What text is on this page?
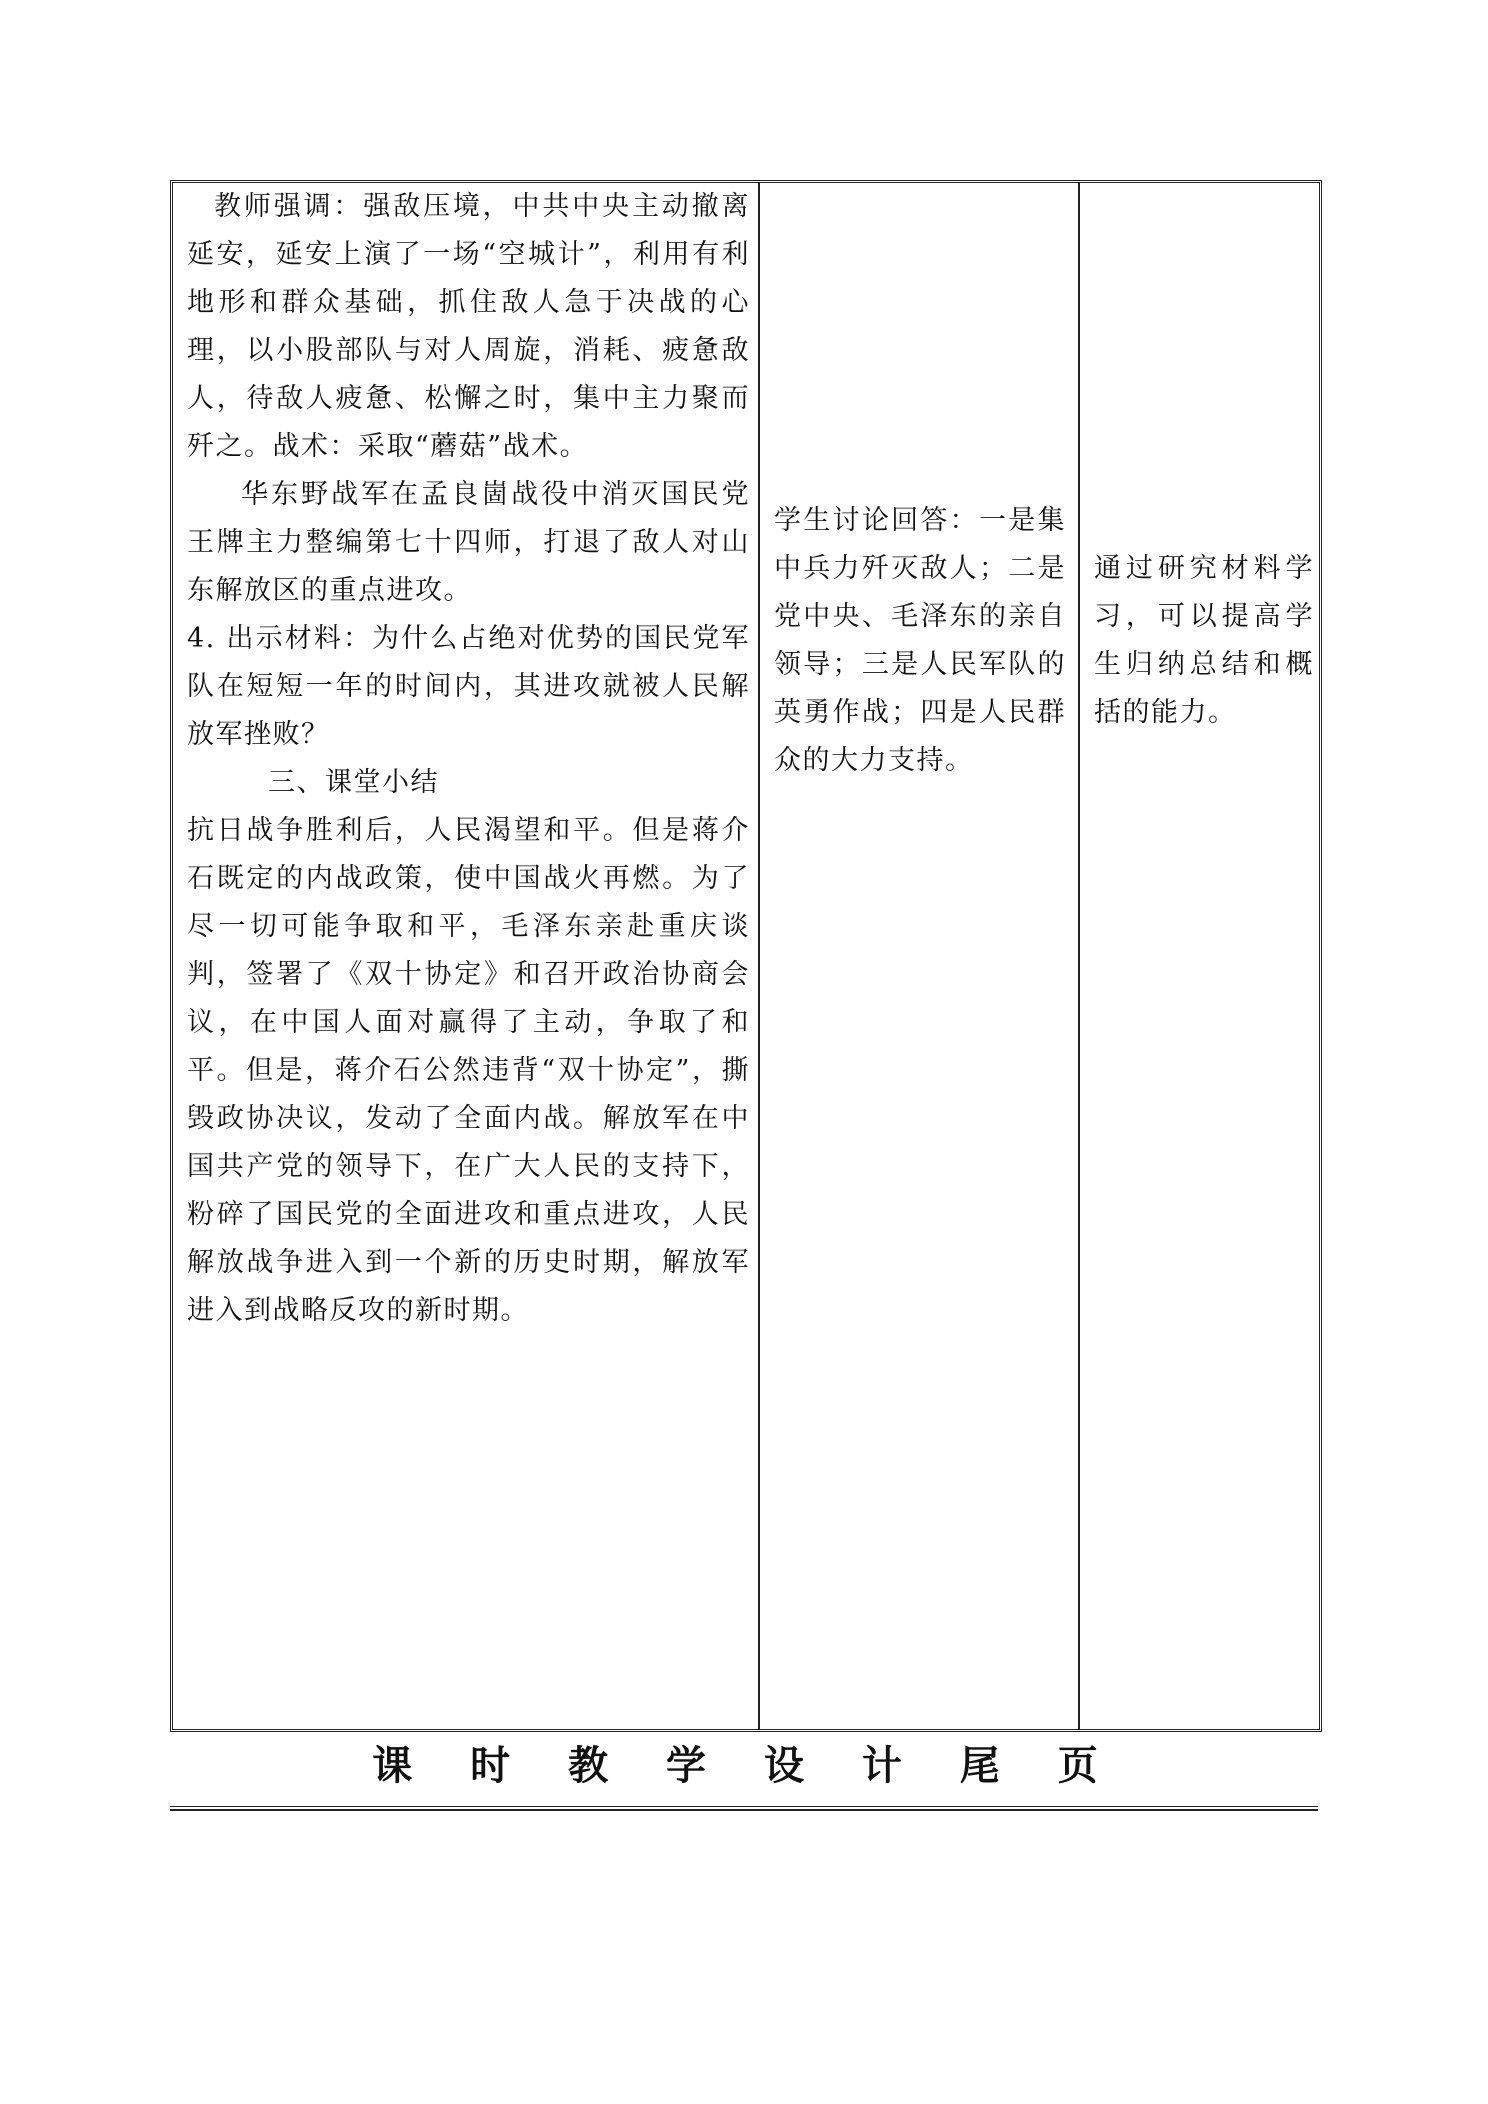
教师强调：强敌压境，中共中央主动撤离延安，延安上演了一场“空城计”，利用有利地形和群众基础，抓住敌人急于决战的心理，以小股部队与对人周旋，消耗、疲惫敌人，待敌人疲惫、松懈之时，集中主力聚而歼之。战术：采取“蘑菇”战术。

华东野战军在孟良崮战役中消灭国民党王牌主力整编第七十四师，打退了敌人对山东解放区的重点进攻。

4. 出示材料：为什么占绝对优势的国民党军队在短短一年的时间内，其进攻就被人民解放军挫败？

三、课堂小结

抗日战争胜利后，人民渴望和平。但是蒋介石既定的内战政策，使中国战火再燃。为了尽一切可能争取和平，毛泽东亲赴重庆谈判，签署了《双十协定》和召开政治协商会议，在中国人面对赢得了主动，争取了和平。但是，蒋介石公然违背“双十协定”，撕毁政协决议，发动了全面内战。解放军在中国共产党的领导下，在广大人民的支持下，粉碎了国民党的全面进攻和重点进攻，人民解放战争进入到一个新的历史时期，解放军进入到战略反攻的新时期。

学生讨论回答：一是集中兵力歼灭敌人；二是党中央、毛泽东的亲自领导；三是人民军队的英勇作战；四是人民群众的大力支持。

通过研究材料学习，可以提高学生归纳总结和概括的能力。

课 时 教 学 设 计 尾 页
